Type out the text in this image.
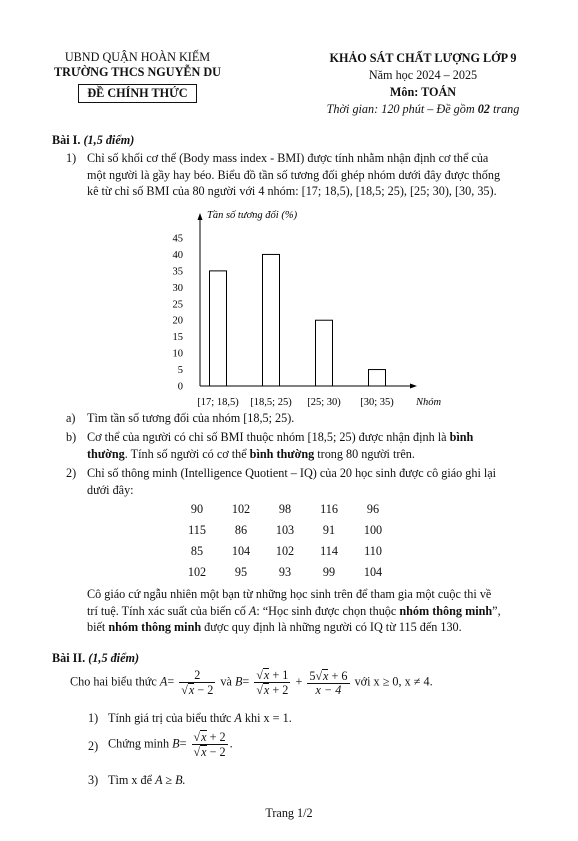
UBND QUẬN HOÀN KIẾM
TRƯỜNG THCS NGUYỄN DU
ĐỀ CHÍNH THỨC
KHẢO SÁT CHẤT LƯỢNG LỚP 9
Năm học 2024 – 2025
Môn: TOÁN
Thời gian: 120 phút – Đề gồm 02 trang
Bài I. (1,5 điểm)
1) Chỉ số khối cơ thể (Body mass index - BMI) được tính nhằm nhận định cơ thể của
một người là gầy hay béo. Biểu đồ tần số tương đối ghép nhóm dưới đây được thống
kê từ chỉ số BMI của 80 người với 4 nhóm: [17; 18,5), [18,5; 25), [25; 30), [30, 35).
Tần số tương đối (%)
0
5
10
15
20
25
30
35
40
45
[17; 18,5) [18,5; 25) [25; 30) [30; 35) Nhóm
a) Tìm tần số tương đối của nhóm [18,5; 25).
b) Cơ thể của người có chỉ số BMI thuộc nhóm [18,5; 25) được nhận định là bình
thường. Tính số người có cơ thể bình thường trong 80 người trên.
2) Chỉ số thông minh (Intelligence Quotient – IQ) của 20 học sinh được cô giáo ghi lại
dưới đây:
90	102	98	116	96
115	86	103	91	100
85	104	102	114	110
102	95	93	99	104
Cô giáo cứ ngẫu nhiên một bạn từ những học sinh trên để tham gia một cuộc thi về
trí tuệ. Tính xác suất của biến cố A: “Học sinh được chọn thuộc nhóm thông minh”,
biết nhóm thông minh được quy định là những người có IQ từ 115 đến 130.
Bài II. (1,5 điểm)
Cho hai biểu thức $A= \frac{2}{√x - 2}$ và $B= \frac{√x + 1}{√x + 2} + \frac{5√x + 6}{x - 4}$ với x ≥ 0, x ≠ 4.
1) Tính giá trị của biểu thức A khi x = 1.
2) Chứng minh $B= \frac{√x + 2}{√x - 2}$ .
3) Tìm x để A ≥ B.
Trang 1/2
